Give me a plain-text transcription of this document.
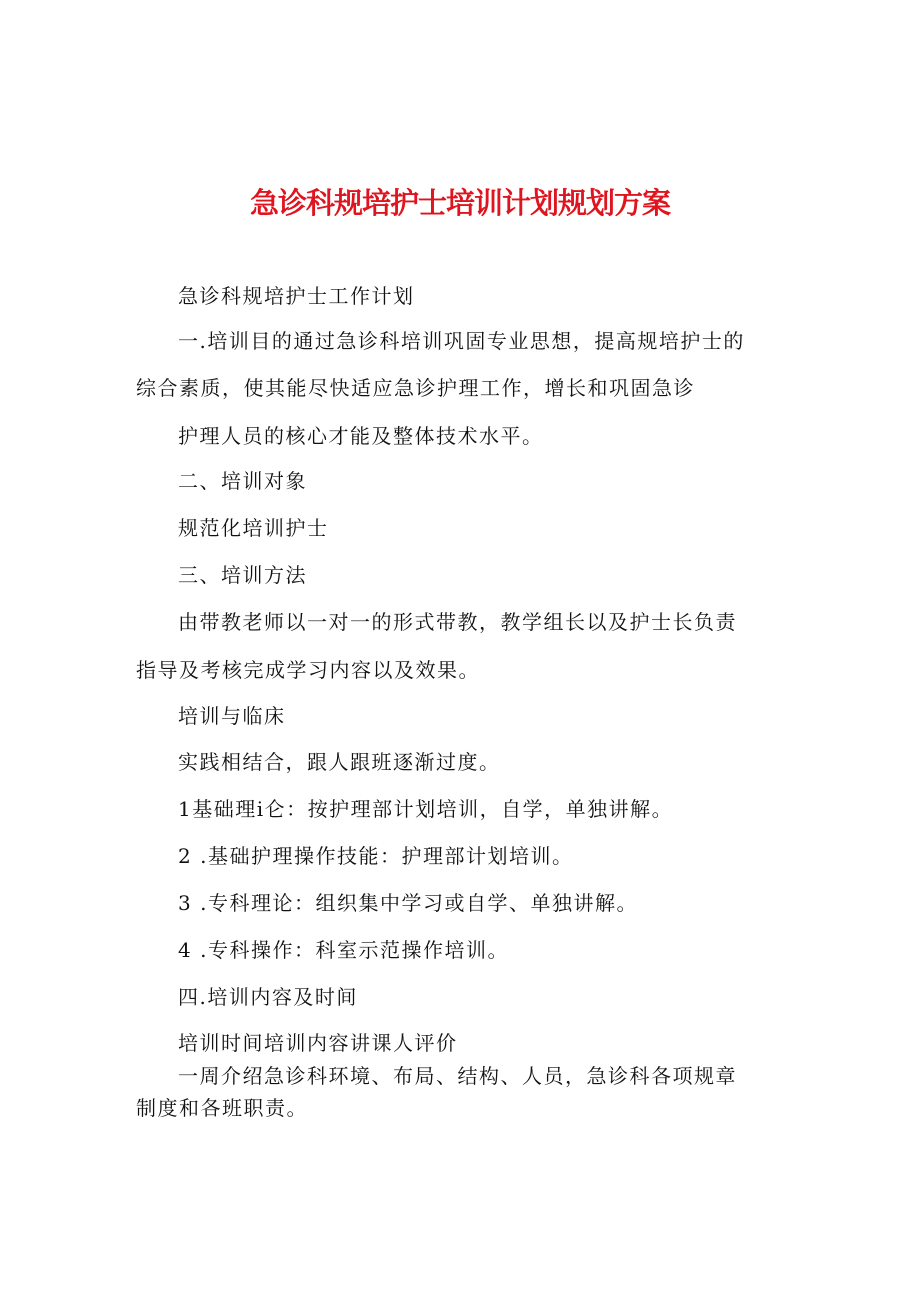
急诊科规培护士培训计划规划方案
急诊科规培护士工作计划
一.培训目的通过急诊科培训巩固专业思想，提高规培护士的
综合素质，使其能尽快适应急诊护理工作，增长和巩固急诊
护理人员的核心才能及整体技术水平。
二、培训对象
规范化培训护士
三、培训方法
由带教老师以一对一的形式带教，教学组长以及护士长负责
指导及考核完成学习内容以及效果。
培训与临床
实践相结合，跟人跟班逐渐过度。
1基础理i仑：按护理部计划培训，自学，单独讲解。
2 .基础护理操作技能：护理部计划培训。
3 .专科理论：组织集中学习或自学、单独讲解。
4 .专科操作：科室示范操作培训。
四.培训内容及时间
培训时间培训内容讲课人评价
一周介绍急诊科环境、布局、结构、人员，急诊科各项规章
制度和各班职责。
